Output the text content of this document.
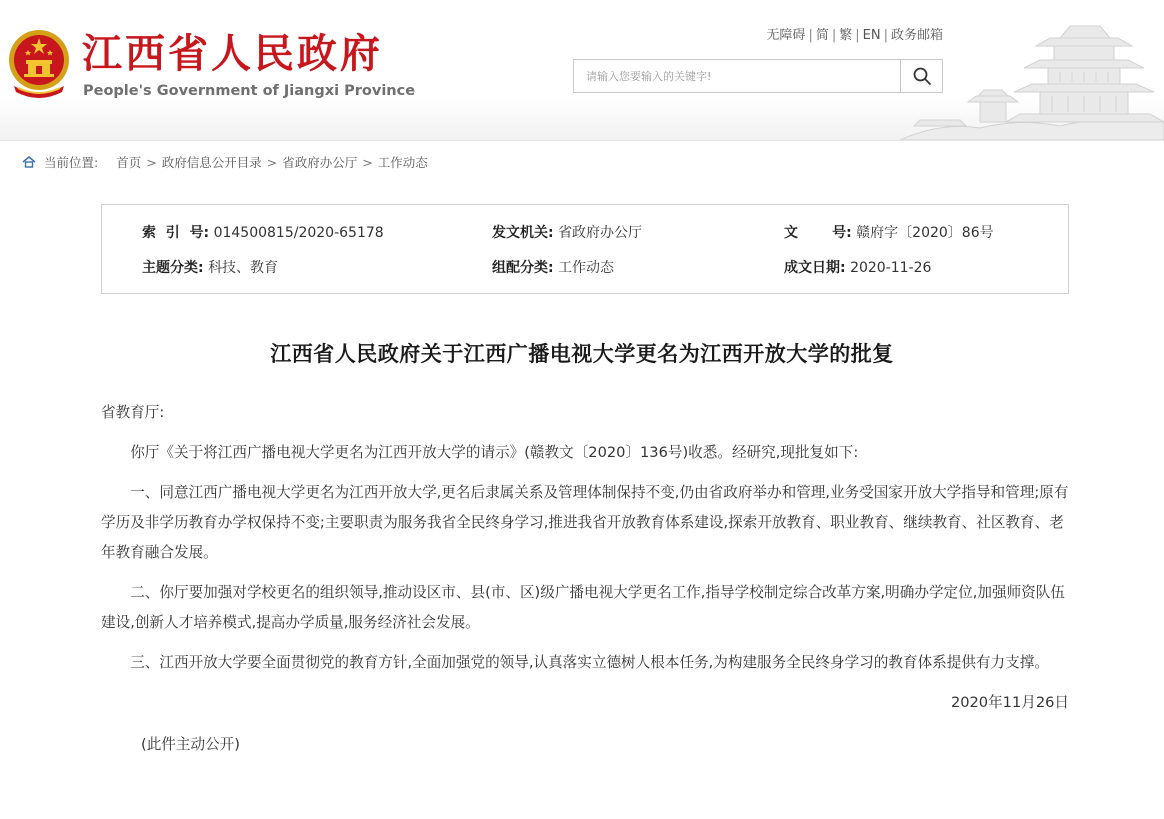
江西省人民政府

People's Government of Jiangxi Province

无障碍 | 简 | 繁 | EN | 政务邮箱
请输入您要输入的关键字!
当前位置: 首页 > 政府信息公开目录 > 省政府办公厅 > 工作动态
索  引  号: 014500815/2020-65178	发文机关: 省政府办公厅	文       号: 赣府字〔2020〕86号
主题分类: 科技、教育	组配分类: 工作动态	成文日期: 2020-11-26
江西省人民政府关于江西广播电视大学更名为江西开放大学的批复

省教育厅:

你厅《关于将江西广播电视大学更名为江西开放大学的请示》(赣教文〔2020〕136号)收悉。经研究,现批复如下:

一、同意江西广播电视大学更名为江西开放大学,更名后隶属关系及管理体制保持不变,仍由省政府举办和管理,业务受国家开放大学指导和管理;原有学历及非学历教育办学权保持不变;主要职责为服务我省全民终身学习,推进我省开放教育体系建设,探索开放教育、职业教育、继续教育、社区教育、老年教育融合发展。

二、你厅要加强对学校更名的组织领导,推动设区市、县(市、区)级广播电视大学更名工作,指导学校制定综合改革方案,明确办学定位,加强师资队伍建设,创新人才培养模式,提高办学质量,服务经济社会发展。

三、江西开放大学要全面贯彻党的教育方针,全面加强党的领导,认真落实立德树人根本任务,为构建服务全民终身学习的教育体系提供有力支撑。

2020年11月26日

(此件主动公开)
